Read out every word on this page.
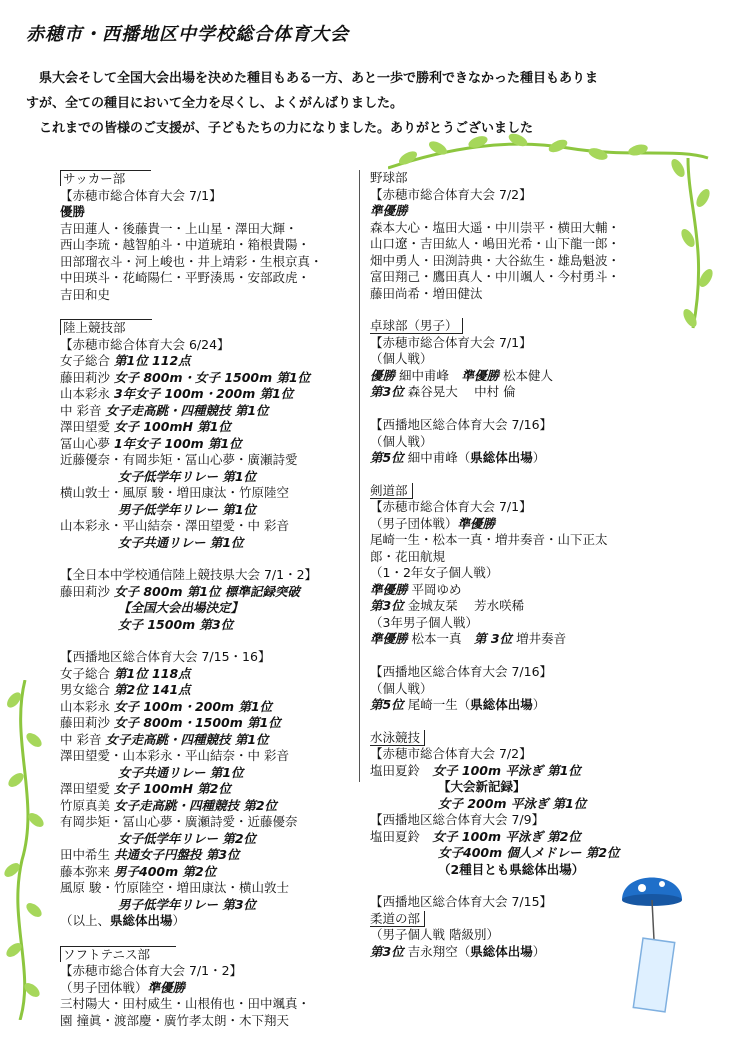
赤穂市・西播地区中学校総合体育大会

　県大会そして全国大会出場を決めた種目もある一方、あと一歩で勝利できなかった種目もありま

すが、全ての種目において全力を尽くし、よくがんばりました。

　これまでの皆様のご支援が、子どもたちの力になりました。ありがとうございました

サッカー部
【赤穂市総合体育大会 7/1】
優勝
吉田蓮人・後藤貴一・上山星・澤田大輝・
西山李琉・越智舶斗・中道琥珀・箱根貴陽・
田部瑠衣斗・河上峻也・井上靖彩・生根京真・
中田瑛斗・花崎陽仁・平野湊馬・安部政虎・
吉田和史
陸上競技部
【赤穂市総合体育大会 6/24】
女子総合 第1位 112点
藤田莉沙 女子 800m・女子 1500m 第1位
山本彩永 3年女子 100m・200m 第1位
中 彩音 女子走高跳・四種競技 第1位
澤田望愛 女子 100mH 第1位
冨山心夢 1年女子 100m 第1位
近藤優奈・有岡歩矩・冨山心夢・廣瀬詩愛
女子低学年リレー 第1位
横山敦士・風原 駿・増田康汰・竹原陸空
男子低学年リレー 第1位
山本彩永・平山結奈・澤田望愛・中 彩音
女子共通リレー 第1位
【全日本中学校通信陸上競技県大会 7/1・2】
藤田莉沙 女子 800m 第1位 標準記録突破
【全国大会出場決定】
女子 1500m 第3位
【西播地区総合体育大会 7/15・16】
女子総合 第1位 118点
男女総合 第2位 141点
山本彩永 女子 100m・200m 第1位
藤田莉沙 女子 800m・1500m 第1位
中 彩音 女子走高跳・四種競技 第1位
澤田望愛・山本彩永・平山結奈・中 彩音
女子共通リレー 第1位
澤田望愛 女子 100mH 第2位
竹原真美 女子走高跳・四種競技 第2位
有岡歩矩・冨山心夢・廣瀬詩愛・近藤優奈
女子低学年リレー 第2位
田中希生 共通女子円盤投 第3位
藤本弥来 男子400m 第2位
風原 駿・竹原陸空・増田康汰・横山敦士
男子低学年リレー 第3位
（以上、県総体出場）
ソフトテニス部
【赤穂市総合体育大会 7/1・2】
（男子団体戦）準優勝
三村陽大・田村威生・山根侑也・田中颯真・
園 撞眞・渡部慶・廣竹孝太朗・木下翔天
野球部
【赤穂市総合体育大会 7/2】
準優勝
森本大心・塩田大遥・中川崇平・横田大輔・
山口遼・吉田紘人・嶋田光希・山下龍一郎・
畑中勇人・田渕詩典・大谷紘生・雄島魁波・
富田翔己・鷹田真人・中川颯人・今村勇斗・
藤田尚希・増田健汰
卓球部（男子）
【赤穂市総合体育大会 7/1】
（個人戦）
優勝 細中甫峰　 準優勝 松本健人
第3位 森谷晃大　 中村 倫

【西播地区総合体育大会 7/16】
（個人戦）
第5位 細中甫峰（県総体出場）
剣道部
【赤穂市総合体育大会 7/1】
（男子団体戦）準優勝
尾崎一生・松本一真・増井奏音・山下正太
郎・花田航規
（1・2年女子個人戦）
準優勝 平岡ゆめ
第3位 金城友栞　 芳水咲稀
（3年男子個人戦）
準優勝 松本一真　 第 3位 増井奏音

【西播地区総合体育大会 7/16】
（個人戦）
第5位 尾崎一生（県総体出場）
水泳競技
【赤穂市総合体育大会 7/2】
塩田夏鈴　 女子 100m 平泳ぎ 第1位
【大会新記録】
女子 200m 平泳ぎ 第1位
【西播地区総合体育大会 7/9】
塩田夏鈴　 女子 100m 平泳ぎ 第2位
女子400m 個人メドレー 第2位
（2種目とも県総体出場）
【西播地区総合体育大会 7/15】
柔道の部
（男子個人戦 階級別）
第3位 吉永翔空（県総体出場）
